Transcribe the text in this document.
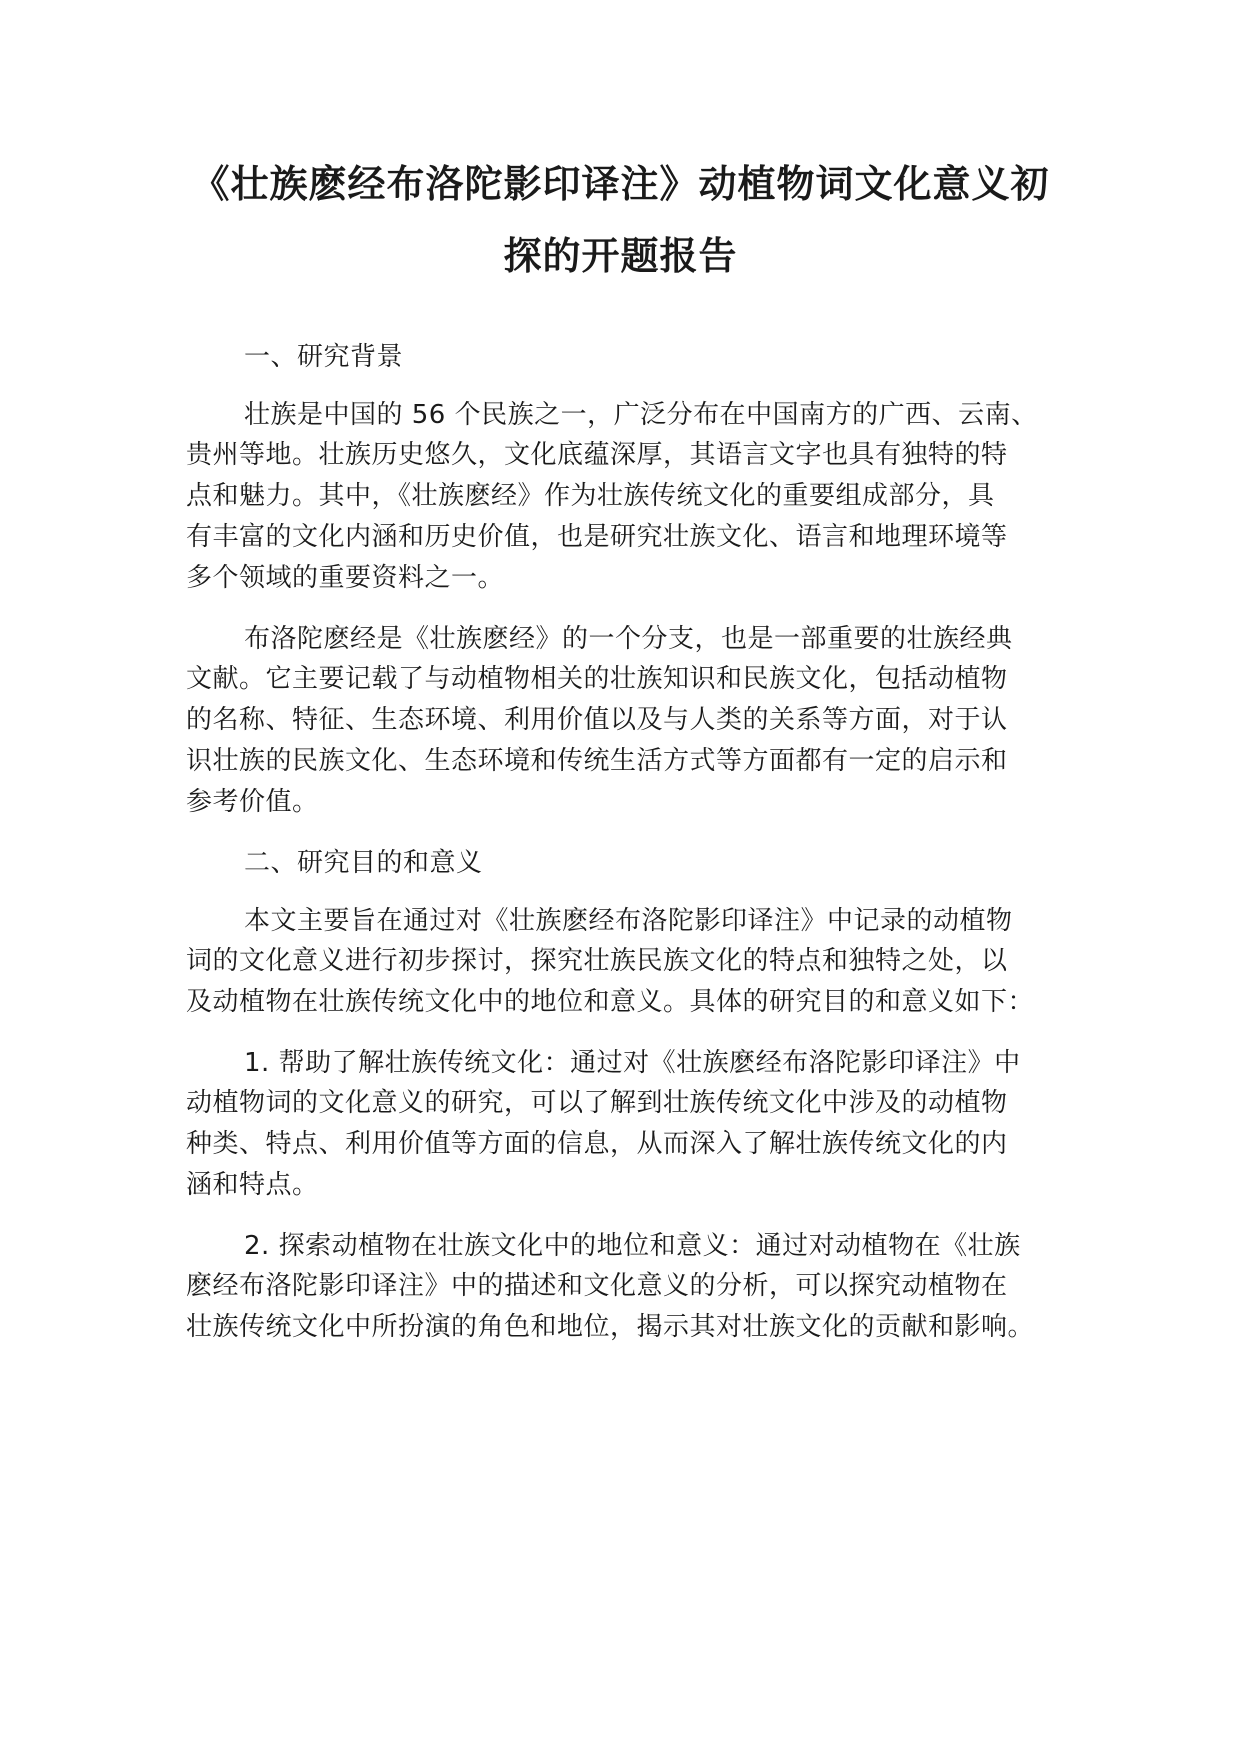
《壮族麽经布洛陀影印译注》动植物词文化意义初
探的开题报告
一、研究背景
壮族是中国的 56 个民族之一，广泛分布在中国南方的广西、云南、
贵州等地。壮族历史悠久，文化底蕴深厚，其语言文字也具有独特的特
点和魅力。其中，《壮族麽经》作为壮族传统文化的重要组成部分，具
有丰富的文化内涵和历史价值，也是研究壮族文化、语言和地理环境等
多个领域的重要资料之一。
布洛陀麽经是《壮族麽经》的一个分支，也是一部重要的壮族经典
文献。它主要记载了与动植物相关的壮族知识和民族文化，包括动植物
的名称、特征、生态环境、利用价值以及与人类的关系等方面，对于认
识壮族的民族文化、生态环境和传统生活方式等方面都有一定的启示和
参考价值。
二、研究目的和意义
本文主要旨在通过对《壮族麽经布洛陀影印译注》中记录的动植物
词的文化意义进行初步探讨，探究壮族民族文化的特点和独特之处，以
及动植物在壮族传统文化中的地位和意义。具体的研究目的和意义如下：
1. 帮助了解壮族传统文化：通过对《壮族麽经布洛陀影印译注》中
动植物词的文化意义的研究，可以了解到壮族传统文化中涉及的动植物
种类、特点、利用价值等方面的信息，从而深入了解壮族传统文化的内
涵和特点。
2. 探索动植物在壮族文化中的地位和意义：通过对动植物在《壮族
麽经布洛陀影印译注》中的描述和文化意义的分析，可以探究动植物在
壮族传统文化中所扮演的角色和地位，揭示其对壮族文化的贡献和影响。
